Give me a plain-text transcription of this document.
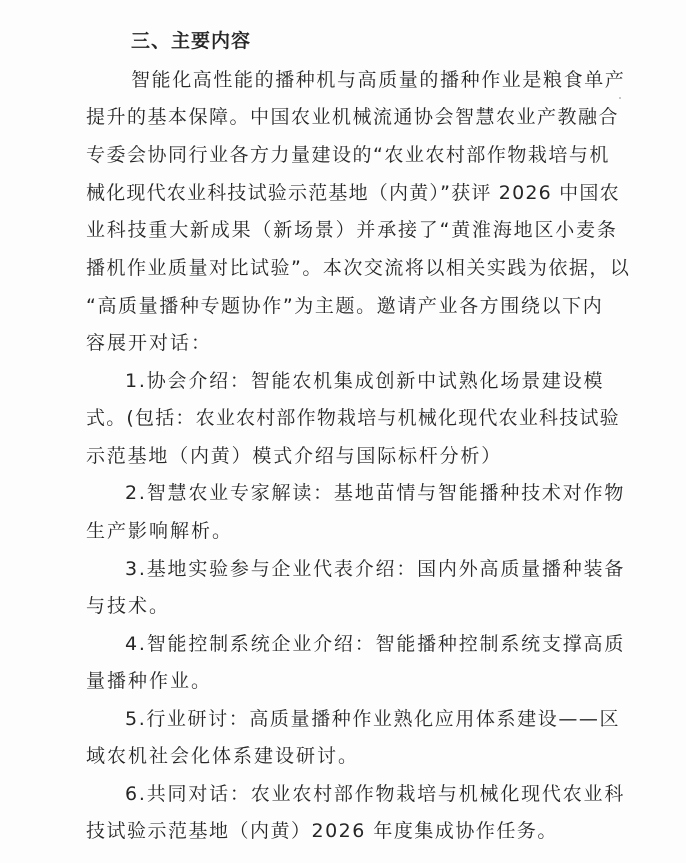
三、主要内容
智能化高性能的播种机与高质量的播种作业是粮食单产
提升的基本保障。中国农业机械流通协会智慧农业产教融合
专委会协同行业各方力量建设的“农业农村部作物栽培与机
械化现代农业科技试验示范基地（内黄）”获评 2026 中国农
业科技重大新成果（新场景）并承接了“黄淮海地区小麦条
播机作业质量对比试验”。本次交流将以相关实践为依据，以
“高质量播种专题协作”为主题。邀请产业各方围绕以下内
容展开对话：
1.协会介绍：智能农机集成创新中试熟化场景建设模
式。(包括：农业农村部作物栽培与机械化现代农业科技试验
示范基地（内黄）模式介绍与国际标杆分析）
2.智慧农业专家解读：基地苗情与智能播种技术对作物
生产影响解析。
3.基地实验参与企业代表介绍：国内外高质量播种装备
与技术。
4.智能控制系统企业介绍：智能播种控制系统支撑高质
量播种作业。
5.行业研讨：高质量播种作业熟化应用体系建设——区
域农机社会化体系建设研讨。
6.共同对话：农业农村部作物栽培与机械化现代农业科
技试验示范基地（内黄）2026 年度集成协作任务。
